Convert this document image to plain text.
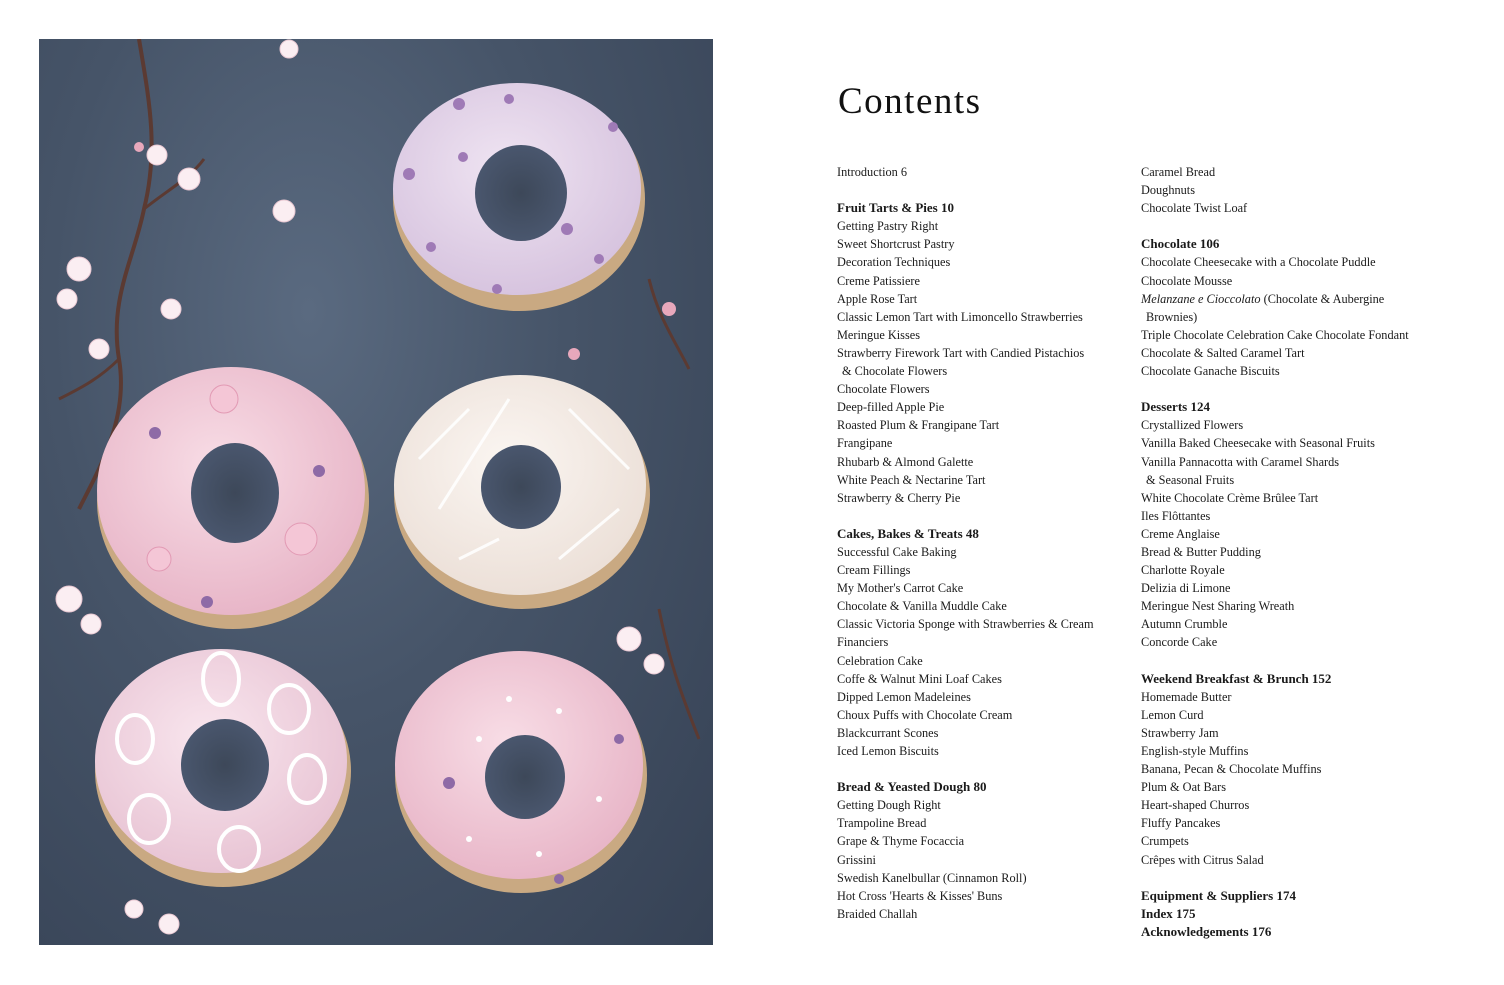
Contents
Introduction 6
Fruit Tarts & Pies 10
Getting Pastry Right
Sweet Shortcrust Pastry
Decoration Techniques
Creme Patissiere
Apple Rose Tart
Classic Lemon Tart with Limoncello Strawberries
Meringue Kisses
Strawberry Firework Tart with Candied Pistachios
& Chocolate Flowers
Chocolate Flowers
Deep-filled Apple Pie
Roasted Plum & Frangipane Tart
Frangipane
Rhubarb & Almond Galette
White Peach & Nectarine Tart
Strawberry & Cherry Pie
Cakes, Bakes & Treats 48
Successful Cake Baking
Cream Fillings
My Mother's Carrot Cake
Chocolate & Vanilla Muddle Cake
Classic Victoria Sponge with Strawberries & Cream
Financiers
Celebration Cake
Coffe & Walnut Mini Loaf Cakes
Dipped Lemon Madeleines
Choux Puffs with Chocolate Cream
Blackcurrant Scones
Iced Lemon Biscuits
Bread & Yeasted Dough 80
Getting Dough Right
Trampoline Bread
Grape & Thyme Focaccia
Grissini
Swedish Kanelbullar (Cinnamon Roll)
Hot Cross 'Hearts & Kisses' Buns
Braided Challah
Caramel Bread
Doughnuts
Chocolate Twist Loaf
Chocolate 106
Chocolate Cheesecake with a Chocolate Puddle
Chocolate Mousse
Melanzane e Cioccolato (Chocolate & Aubergine
Brownies)
Triple Chocolate Celebration Cake Chocolate Fondant
Chocolate & Salted Caramel Tart
Chocolate Ganache Biscuits
Desserts 124
Crystallized Flowers
Vanilla Baked Cheesecake with Seasonal Fruits
Vanilla Pannacotta with Caramel Shards
& Seasonal Fruits
White Chocolate Crème Brûlee Tart
Iles Flôttantes
Creme Anglaise
Bread & Butter Pudding
Charlotte Royale
Delizia di Limone
Meringue Nest Sharing Wreath
Autumn Crumble
Concorde Cake
Weekend Breakfast & Brunch 152
Homemade Butter
Lemon Curd
Strawberry Jam
English-style Muffins
Banana, Pecan & Chocolate Muffins
Plum & Oat Bars
Heart-shaped Churros
Fluffy Pancakes
Crumpets
Crêpes with Citrus Salad
Equipment & Suppliers 174
Index 175
Acknowledgements 176
